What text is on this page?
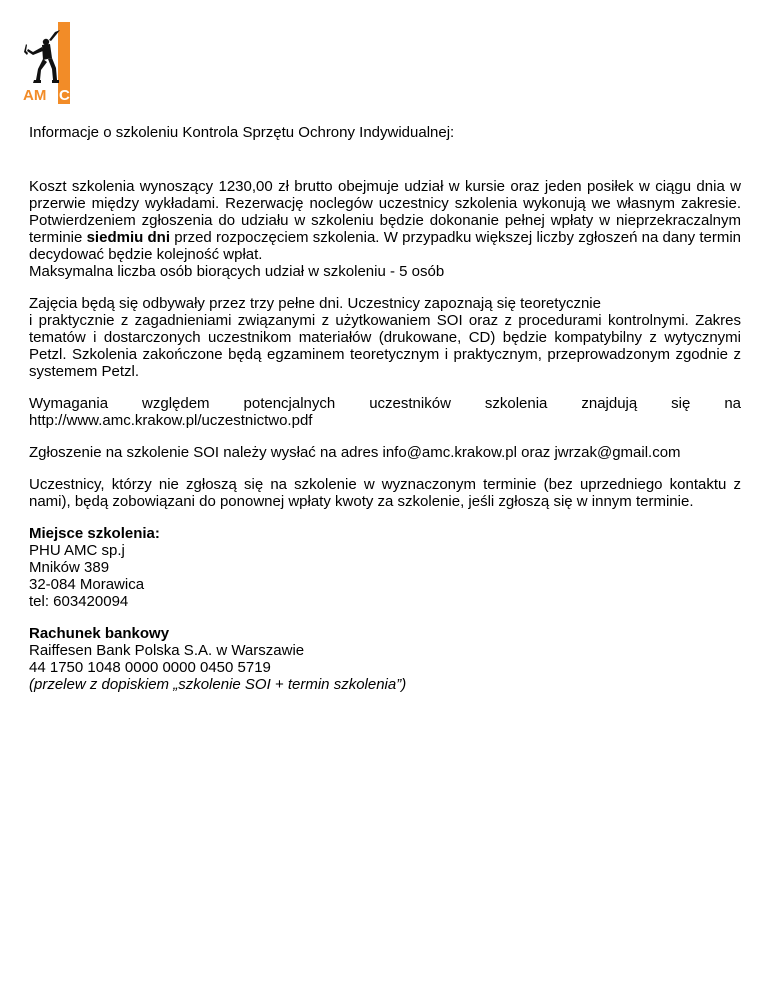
AM C

Informacje o szkoleniu Kontrola Sprzętu Ochrony Indywidualnej:

Koszt szkolenia wynoszący 1230,00 zł brutto obejmuje udział w kursie oraz jeden posiłek w ciągu dnia w przerwie między wykładami. Rezerwację noclegów uczestnicy szkolenia wykonują we własnym zakresie. Potwierdzeniem zgłoszenia do udziału w szkoleniu będzie dokonanie pełnej wpłaty w nieprzekraczalnym terminie siedmiu dni przed rozpoczęciem szkolenia. W przypadku większej liczby zgłoszeń na dany termin decydować będzie kolejność wpłat.

Maksymalna liczba osób biorących udział w szkoleniu - 5 osób

Zajęcia będą się odbywały przez trzy pełne dni. Uczestnicy zapoznają się teoretycznie

i praktycznie z zagadnieniami związanymi z użytkowaniem SOI oraz z procedurami kontrolnymi. Zakres tematów i dostarczonych uczestnikom materiałów (drukowane, CD) będzie kompatybilny z wytycznymi Petzl. Szkolenia zakończone będą egzaminem teoretycznym i praktycznym, przeprowadzonym zgodnie z systemem Petzl.

Wymagania względem potencjalnych uczestników szkolenia znajdują się na

http://www.amc.krakow.pl/uczestnictwo.pdf

Zgłoszenie na szkolenie SOI należy wysłać na adres info@amc.krakow.pl oraz jwrzak@gmail.com

Uczestnicy, którzy nie zgłoszą się na szkolenie w wyznaczonym terminie (bez uprzedniego kontaktu z nami), będą zobowiązani do ponownej wpłaty kwoty za szkolenie, jeśli zgłoszą się w innym terminie.

Miejsce szkolenia:

PHU AMC sp.j

Mników 389

32-084 Morawica

tel: 603420094

Rachunek bankowy

Raiffesen Bank Polska S.A. w Warszawie

44 1750 1048 0000 0000 0450 5719

(przelew z dopiskiem „szkolenie SOI + termin szkolenia”)
